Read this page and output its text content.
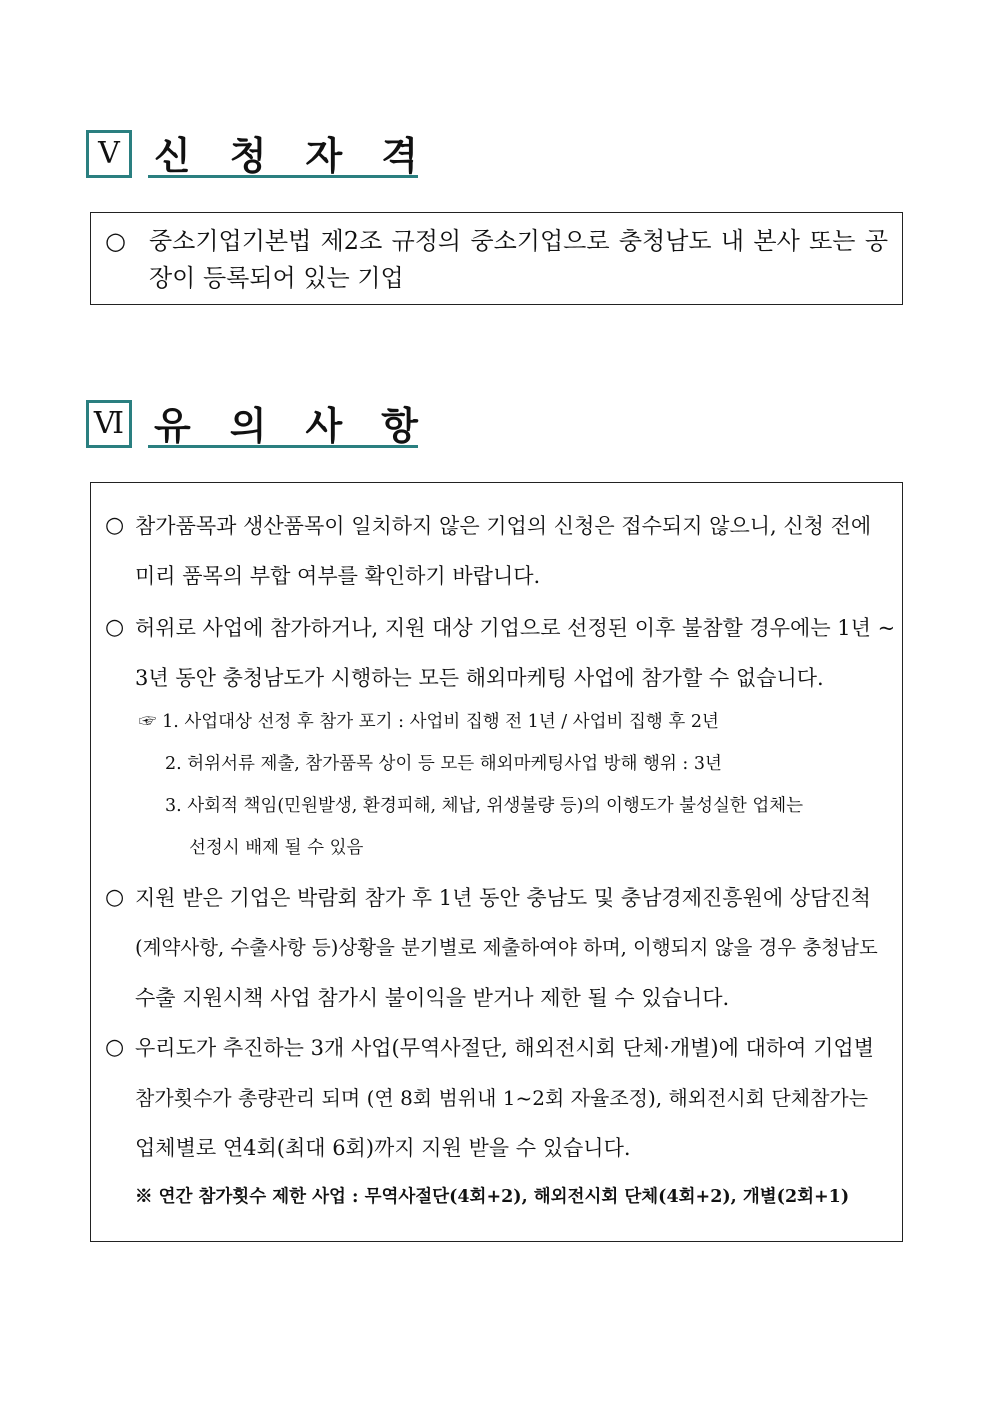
Ⅴ 신 청 자 격
○ 중소기업기본법 제2조 규정의 중소기업으로 충청남도 내 본사 또는 공장이 등록되어 있는 기업
Ⅵ 유 의 사 항
○ 참가품목과 생산품목이 일치하지 않은 기업의 신청은 접수되지 않으니, 신청 전에
미리 품목의 부합 여부를 확인하기 바랍니다.
○ 허위로 사업에 참가하거나, 지원 대상 기업으로 선정된 이후 불참할 경우에는 1년 ~
3년 동안 충청남도가 시행하는 모든 해외마케팅 사업에 참가할 수 없습니다.
☞ 1. 사업대상 선정 후 참가 포기 : 사업비 집행 전 1년 / 사업비 집행 후 2년
2. 허위서류 제출, 참가품목 상이 등 모든 해외마케팅사업 방해 행위 : 3년
3. 사회적 책임(민원발생, 환경피해, 체납, 위생불량 등)의 이행도가 불성실한 업체는
선정시 배제 될 수 있음
○ 지원 받은 기업은 박람회 참가 후 1년 동안 충남도 및 충남경제진흥원에 상담진척
(계약사항, 수출사항 등)상황을 분기별로 제출하여야 하며, 이행되지 않을 경우 충청남도
수출 지원시책 사업 참가시 불이익을 받거나 제한 될 수 있습니다.
○ 우리도가 추진하는 3개 사업(무역사절단, 해외전시회 단체·개별)에 대하여 기업별
참가횟수가 총량관리 되며 (연 8회 범위내 1~2회 자율조정), 해외전시회 단체참가는
업체별로 연4회(최대 6회)까지 지원 받을 수 있습니다.
※ 연간 참가횟수 제한 사업 : 무역사절단(4회+2), 해외전시회 단체(4회+2), 개별(2회+1)
